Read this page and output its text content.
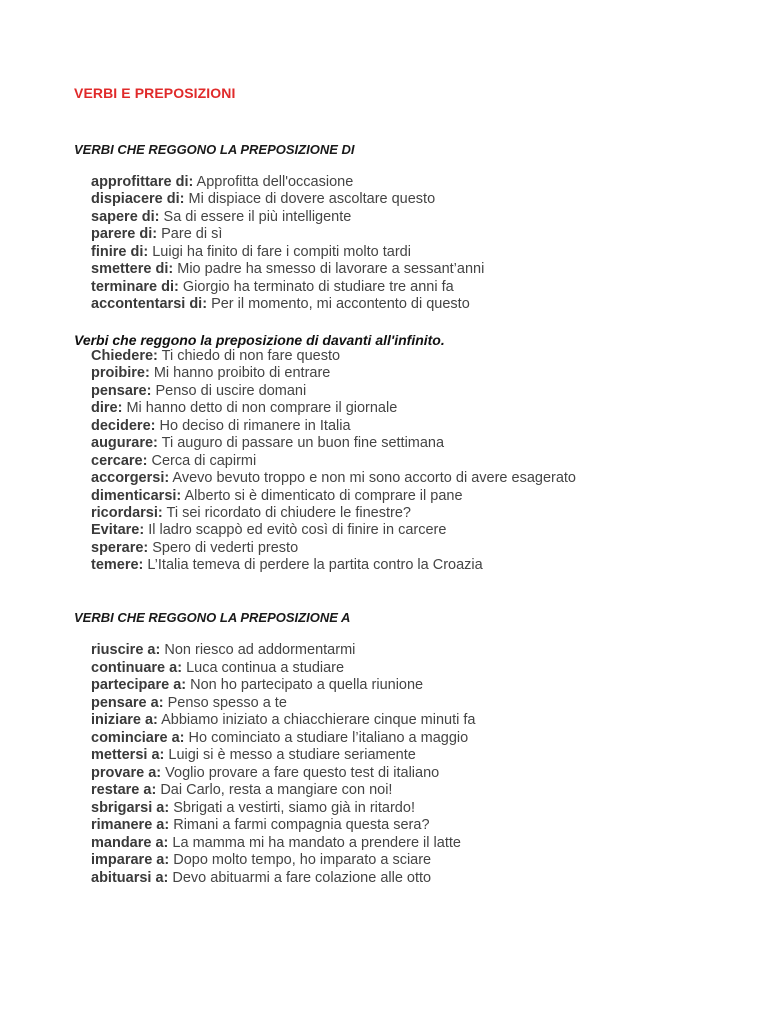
VERBI E PREPOSIZIONI
VERBI CHE REGGONO LA PREPOSIZIONE DI
approfittare di: Approfitta dell'occasione
dispiacere di: Mi dispiace di dovere ascoltare questo
sapere di: Sa di essere il più intelligente
parere di: Pare di sì
finire di: Luigi ha finito di fare i compiti molto tardi
smettere di: Mio padre ha smesso di lavorare a sessant’anni
terminare di: Giorgio ha terminato di studiare tre anni fa
accontentarsi di: Per il momento, mi accontento di questo
Verbi che reggono la preposizione di davanti all'infinito.
Chiedere: Ti chiedo di non fare questo
proibire: Mi hanno proibito di entrare
pensare: Penso di uscire domani
dire: Mi hanno detto di non comprare il giornale
decidere: Ho deciso di rimanere in Italia
augurare: Ti auguro di passare un buon fine settimana
cercare: Cerca di capirmi
accorgersi: Avevo bevuto troppo e non mi sono accorto di avere esagerato
dimenticarsi: Alberto si è dimenticato di comprare il pane
ricordarsi: Ti sei ricordato di chiudere le finestre?
Evitare: Il ladro scappò ed evitò così di finire in carcere
sperare: Spero di vederti presto
temere: L’Italia temeva di perdere la partita contro la Croazia
VERBI CHE REGGONO LA PREPOSIZIONE A
riuscire a: Non riesco ad addormentarmi
continuare a: Luca continua a studiare
partecipare a: Non ho partecipato a quella riunione
pensare a: Penso spesso a te
iniziare a: Abbiamo iniziato a chiacchierare cinque minuti fa
cominciare a: Ho cominciato a studiare l’italiano a maggio
mettersi a: Luigi si è messo a studiare seriamente
provare a: Voglio provare a fare questo test di italiano
restare a: Dai Carlo, resta a mangiare con noi!
sbrigarsi a: Sbrigati a vestirti, siamo già in ritardo!
rimanere a: Rimani a farmi compagnia questa sera?
mandare a: La mamma mi ha mandato a prendere il latte
imparare a: Dopo molto tempo, ho imparato a sciare
abituarsi a: Devo abituarmi a fare colazione alle otto
